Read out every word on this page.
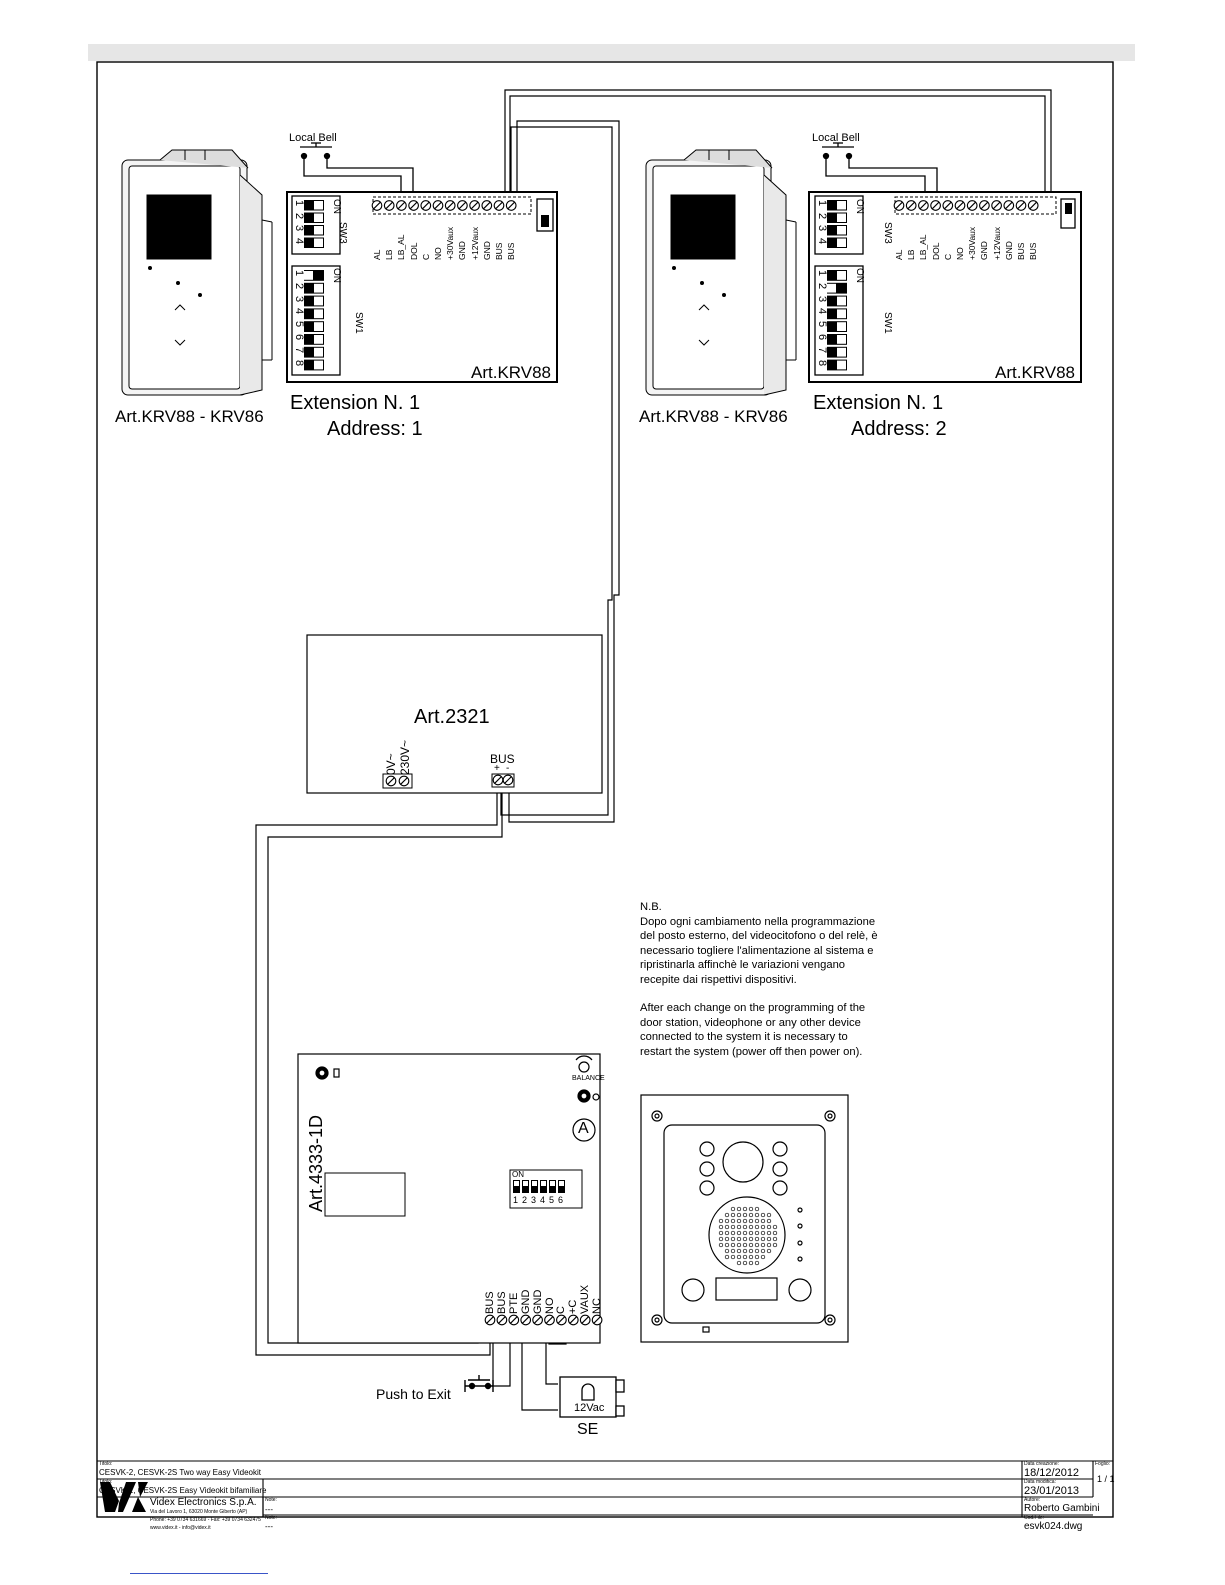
Local Bell
Art.KRV88
Art.KRV88 - KRV86
Extension N. 1
Address: 1
SW3
SW1
Local Bell
Art.KRV88
Art.KRV88 - KRV86
Extension N. 1
Address: 2
SW3
SW1
Art.2321
0V~ 230V~	BUS
+ -
Art.4333-1D
BALANCE
A
ON
1 2 3 4 5 6
BUS BUS PTE GND GND NO C +C VAUX NC
Push to Exit
12Vac
SE
AL LB LB_AL DOL C NO +30Vaux GND +12Vaux GND BUS BUS	AL LB LB_AL DOL C NO +30Vaux GND +12Vaux GND BUS BUS
1
2
3
4
1
2
3
4
5
6
7
8
ON
ON
1
2
3
4
1
2
3
4
5
6
7
8
ON
ON
N.B.
Dopo ogni cambiamento nella programmazione
del posto esterno, del videocitofono o del relè, è
necessario togliere l'alimentazione al sistema e
ripristinarla affinchè le variazioni vengano
recepite dai rispettivi dispositivi.
After each change on the programming of the
door station, videophone or any other device
connected to the system it is necessary to
restart the system (power off then power on).
Titolo:
CESVK-2, CESVK-2S Two way Easy Videokit
Titolo:
CESVK-2, CESVK-2S Easy Videokit bifamiliare
Videx Electronics S.p.A.
Via del Lavoro 1, 63020 Monte Giberto (AP)
Phone: +39 0734 631669 - Fax: +39 0734 632475
www.videx.it - info@videx.it
Note:
---
Note:
---
Data creazione:
18/12/2012
Data modifica:
23/01/2013
Autore:
Roberto Gambini
Cod.File:
esvk024.dwg
Foglio:
1 / 1
